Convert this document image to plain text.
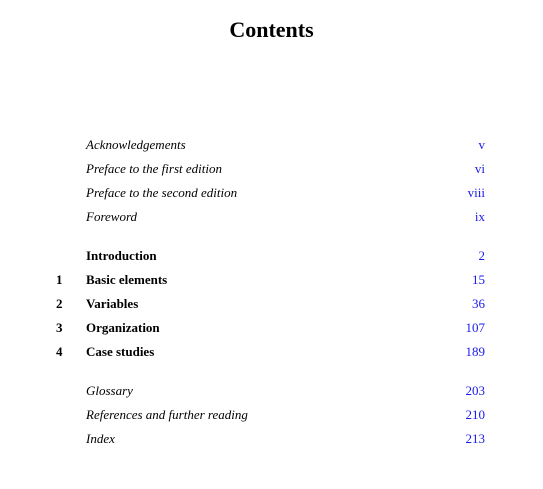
Contents
Acknowledgements	v
Preface to the first edition	vi
Preface to the second edition	viii
Foreword	ix
Introduction	2
1	Basic elements	15
2	Variables	36
3	Organization	107
4	Case studies	189
Glossary	203
References and further reading	210
Index	213
